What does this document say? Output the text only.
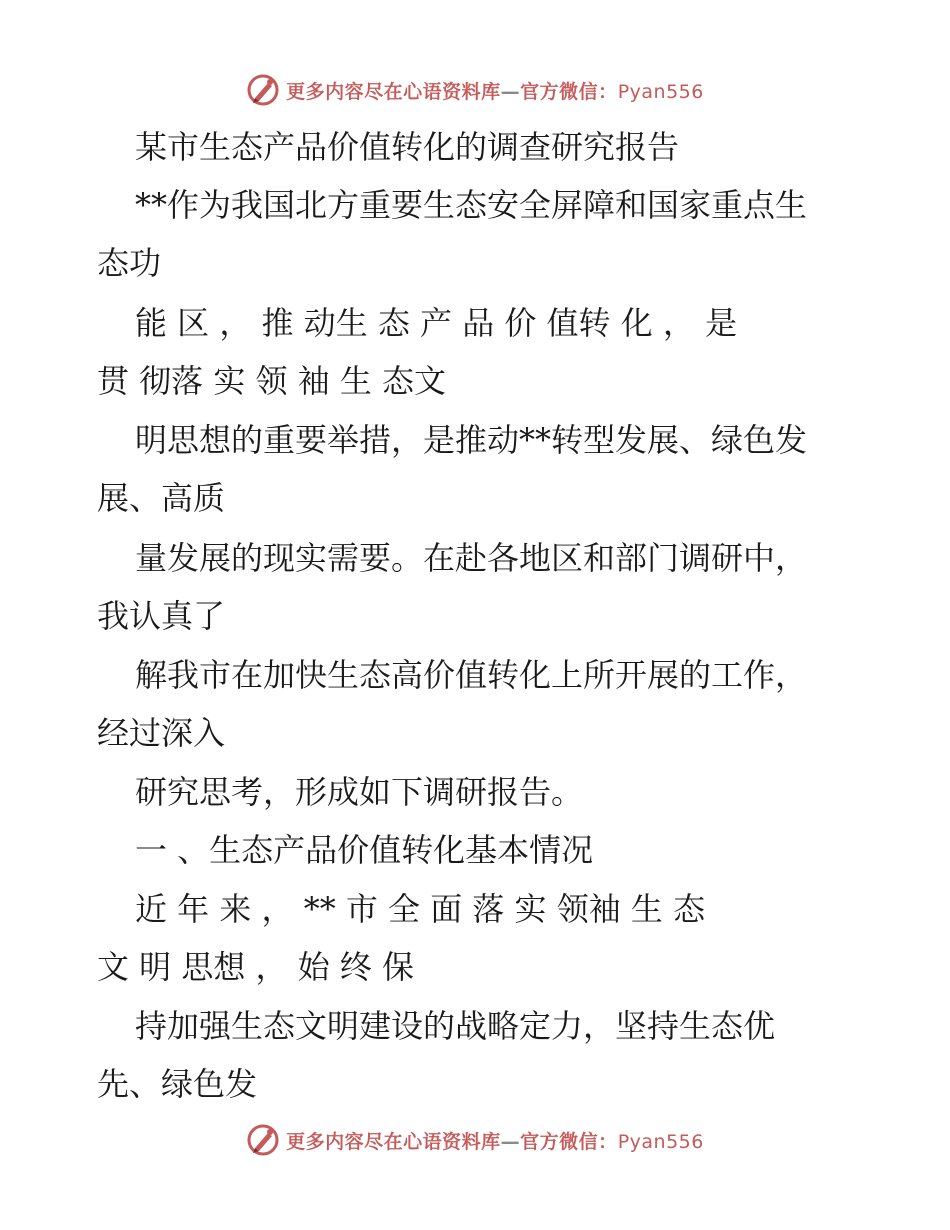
更多内容尽在心语资料库—官方微信：Pyan556

某市生态产品价值转化的调查研究报告

**作为我国北方重要生态安全屏障和国家重点生

态功

能 区 ， 推 动生 态 产 品 价 值转 化 ， 是

贯 彻落 实 领 袖 生 态文

明思想的重要举措，是推动**转型发展、绿色发

展、高质

量发展的现实需要。在赴各地区和部门调研中，

我认真了

解我市在加快生态高价值转化上所开展的工作，

经过深入

研究思考，形成如下调研报告。

一 、生态产品价值转化基本情况

近 年 来 ， ** 市 全 面 落 实 领袖 生 态

文 明 思想 ， 始 终 保

持加强生态文明建设的战略定力，坚持生态优

先、绿色发

更多内容尽在心语资料库—官方微信：Pyan556
